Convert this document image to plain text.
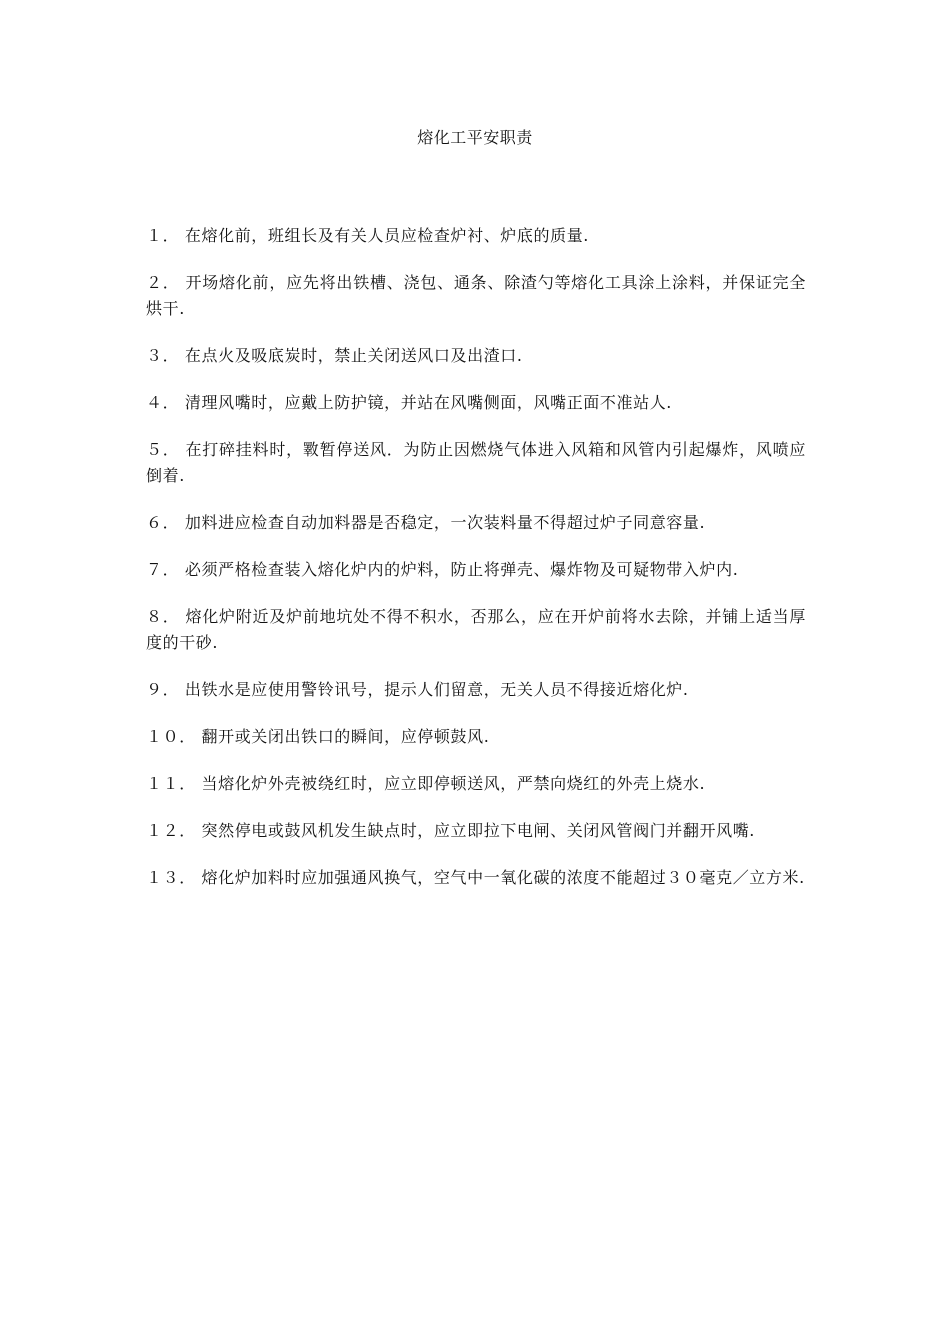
熔化工平安职责
１． 在熔化前，班组长及有关人员应检查炉衬、炉底的质量.
２． 开场熔化前，应先将出铁槽、浇包、通条、除渣勺等熔化工具涂上涂料，并保证完全烘干.
３． 在点火及吸底炭时，禁止关闭送风口及出渣口.
４． 清理风嘴时，应戴上防护镜，并站在风嘴侧面，风嘴正面不准站人.
５． 在打碎挂料时，斁暂停送风．为防止因燃烧气体进入风箱和风管内引起爆炸，风喷应倒着.
６． 加料进应检查自动加料器是否稳定，一次装料量不得超过炉子同意容量.
７． 必须严格检查装入熔化炉内的炉料，防止将弹壳、爆炸物及可疑物带入炉内.
８． 熔化炉附近及炉前地坑处不得不积水，否那么，应在开炉前将水去除，并铺上适当厚度的干砂.
９． 出铁水是应使用警铃讯号，提示人们留意，无关人员不得接近熔化炉.
１０． 翻开或关闭出铁口的瞬间，应停顿鼓风.
１１． 当熔化炉外壳被绕红时，应立即停顿送风，严禁向烧红的外壳上烧水.
１２． 突然停电或鼓风机发生缺点时，应立即拉下电闸、关闭风管阀门并翻开风嘴.
１３． 熔化炉加料时应加强通风换气，空气中一氧化碳的浓度不能超过３０毫克／立方米.
